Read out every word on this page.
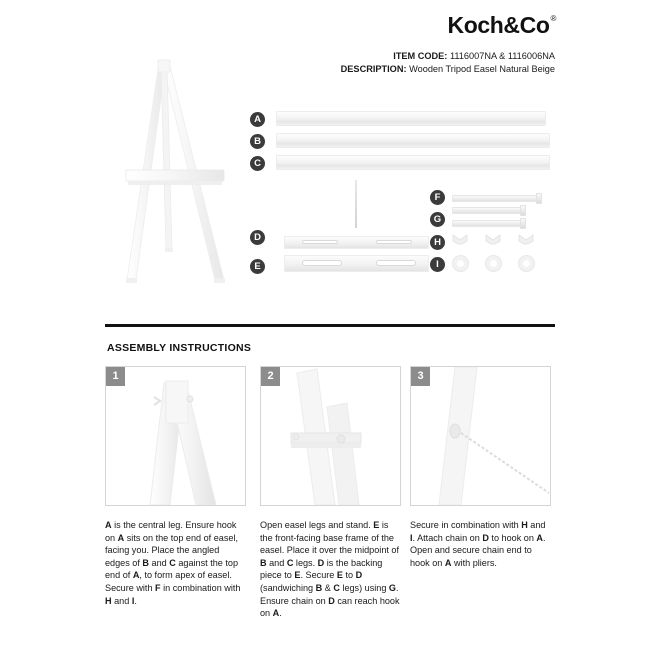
Koch&Co®
ITEM CODE: 1116007NA & 1116006NA
DESCRIPTION: Wooden Tripod Easel Natural Beige
A
B
C
D
E
F
G
H
I
ASSEMBLY INSTRUCTIONS
1
A is the central leg. Ensure hook on A sits on the top end of easel, facing you. Place the angled edges of B and C against the top end of A, to form apex of easel. Secure with F in combination with H and I.
2
Open easel legs and stand. E is the front-facing base frame of the easel. Place it over the midpoint of B and C legs. D is the backing piece to E. Secure E to D (sandwiching B & C legs) using G. Ensure chain on D can reach hook on A.
3
Secure in combination with H and I. Attach chain on D to hook on A. Open and secure chain end to hook on A with pliers.
